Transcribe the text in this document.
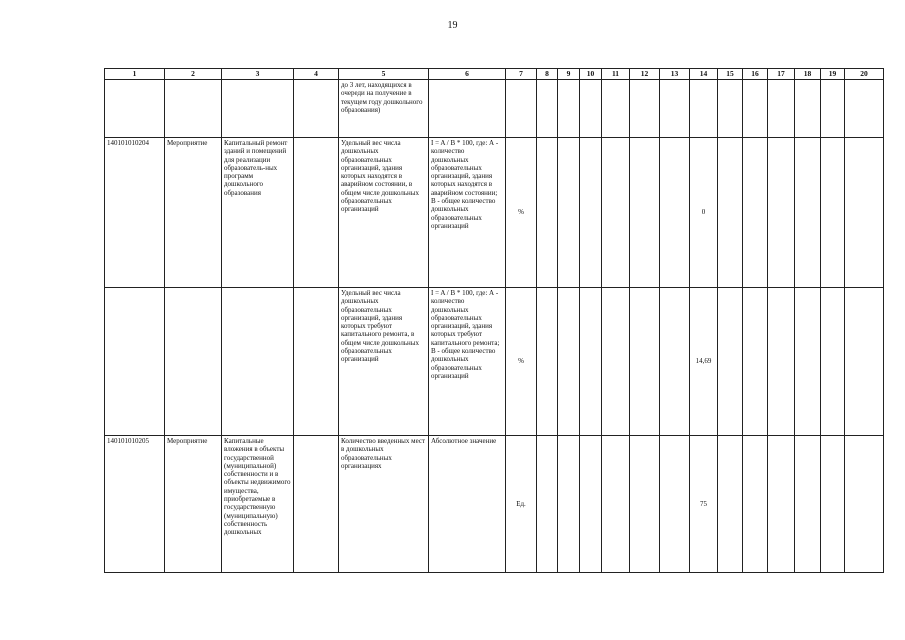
19
1	2	3	4	5	6	7	8	9	10	11	12	13	14	15	16	17	18	19	20
				до 3 лет, находящихся в очереди на получение в текущем году дошкольного образования)															
140101010204	Мероприятие	Капитальный ремонт зданий и помещений для реализации образователь-ных программ дошкольного образования		Удельный вес числа дошкольных образовательных организаций, здания которых находятся в аварийном состоянии, в общем числе дошкольных образовательных организаций	I = A / B * 100, где: А - количество дошкольных образовательных организаций, здания которых находятся в аварийном состоянии; В - общее количество дошкольных образовательных организаций	%							0						
				Удельный вес числа дошкольных образовательных организаций, здания которых требуют капитального ремонта, в общем числе дошкольных образовательных организаций	I = A / B * 100, где: А - количество дошкольных образовательных организаций, здания которых требуют капитального ремонта; В - общее количество дошкольных образовательных организаций	%							14,69						
140101010205	Мероприятие	Капитальные вложения в объекты государственной (муниципальной) собственности и в объекты недвижимого имущества, приобретаемые в государственную (муниципальную) собственность дошкольных		Количество введенных мест в дошкольных образовательных организациях	Абсолютное значение	Ед.							75						
